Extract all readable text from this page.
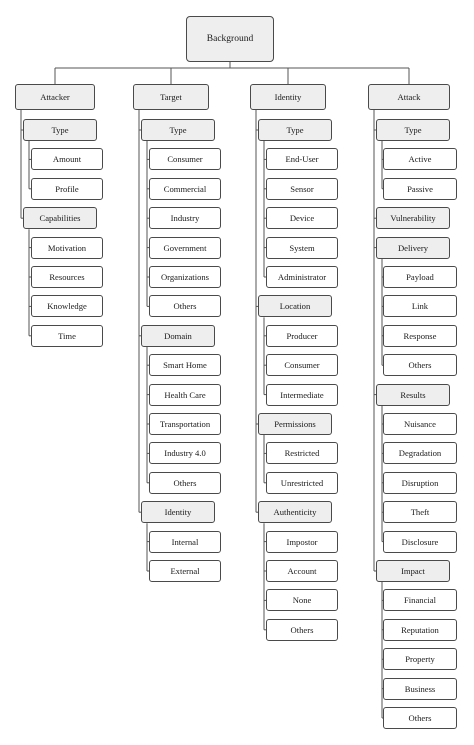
Background
Attacker
Type
Amount
Profile
Capabilities
Motivation
Resources
Knowledge
Time
Target
Type
Consumer
Commercial
Industry
Government
Organizations
Others
Domain
Smart Home
Health Care
Transportation
Industry 4.0
Others
Identity
Internal
External
Identity
Type
End-User
Sensor
Device
System
Administrator
Location
Producer
Consumer
Intermediate
Permissions
Restricted
Unrestricted
Authenticity
Impostor
Account
None
Others
Attack
Type
Active
Passive
Vulnerability
Delivery
Payload
Link
Response
Others
Results
Nuisance
Degradation
Disruption
Theft
Disclosure
Impact
Financial
Reputation
Property
Business
Others
